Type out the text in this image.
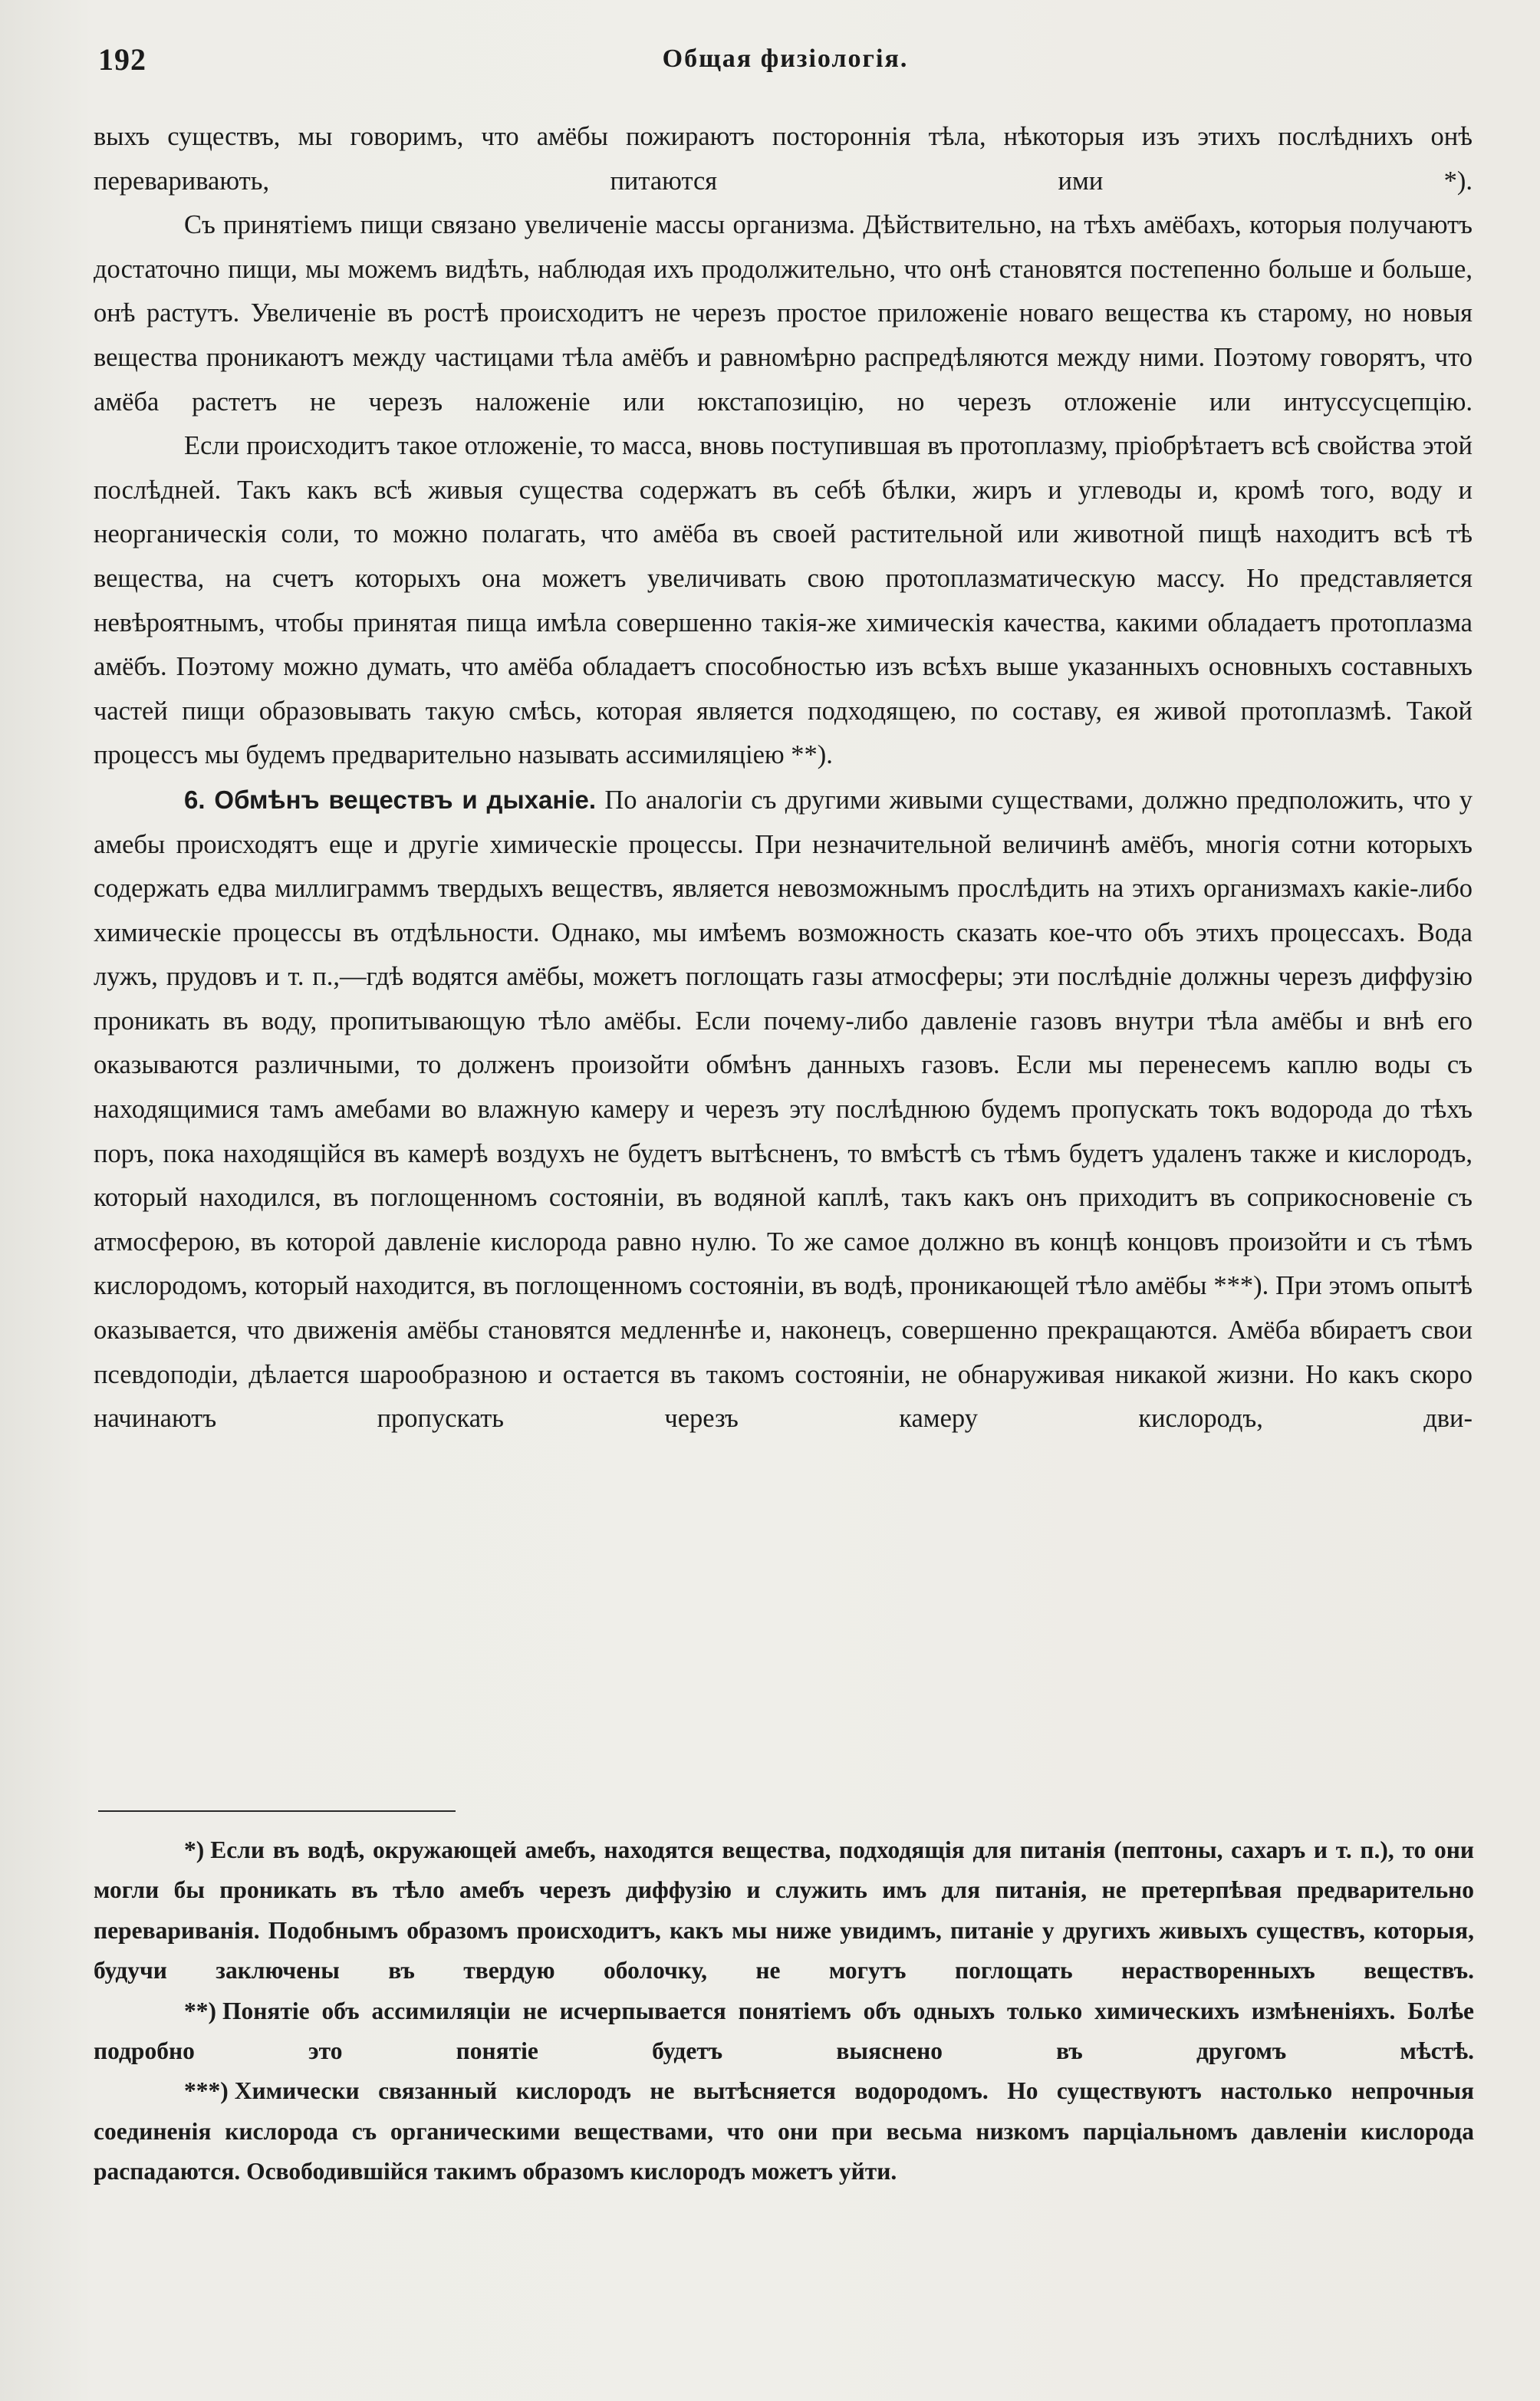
192	Общая физiологiя.

выхъ существъ, мы говоримъ, что амёбы пожираютъ постороннiя тѣла, нѣкоторыя изъ этихъ послѣднихъ онѣ переваривають, питаются ими *).

Съ принятiемъ пищи связано увеличенiе массы организма. Дѣйствительно, на тѣхъ амёбахъ, которыя получаютъ достаточно пищи, мы можемъ видѣть, наблюдая ихъ продолжительно, что онѣ становятся постепенно больше и больше, онѣ растутъ. Увеличенiе въ ростѣ происходитъ не черезъ простое приложенiе новаго вещества къ старому, но новыя вещества проникаютъ между частицами тѣла амёбъ и равномѣрно распредѣляются между ними. Поэтому говорятъ, что амёба растетъ не черезъ наложенiе или юкстапозицiю, но черезъ отложенiе или интуссусцепцiю.

Если происходитъ такое отложенiе, то масса, вновь поступившая въ протоплазму, прiобрѣтаетъ всѣ свойства этой послѣдней. Такъ какъ всѣ живыя существа содержатъ въ себѣ бѣлки, жиръ и углеводы и, кромѣ того, воду и неорганическiя соли, то можно полагать, что амёба въ своей растительной или животной пищѣ находитъ всѣ тѣ вещества, на счетъ которыхъ она можетъ увеличивать свою протоплазматическую массу. Но представляется невѣроятнымъ, чтобы принятая пища имѣла совершенно такiя-же химическiя качества, какими обладаетъ протоплазма амёбъ. Поэтому можно думать, что амёба обладаетъ способностью изъ всѣхъ выше указанныхъ основныхъ составныхъ частей пищи образовывать такую смѣсь, которая является подходящею, по составу, ея живой протоплазмѣ. Такой процессъ мы будемъ предварительно называть ассимиляцiею **).

6. Обмѣнъ веществъ и дыханiе. По аналогiи съ другими живыми существами, должно предположить, что у амебы происходятъ еще и другiе химическiе процессы. При незначительной величинѣ амёбъ, многiя сотни которыхъ содержать едва миллиграммъ твердыхъ веществъ, является невозможнымъ прослѣдить на этихъ организмахъ какiе-либо химическiе процессы въ отдѣльности. Однако, мы имѣемъ возможность сказать кое-что объ этихъ процессахъ. Вода лужъ, прудовъ и т. п.,—гдѣ водятся амёбы, можетъ поглощать газы атмосферы; эти послѣднiе должны черезъ диффузiю проникать въ воду, пропитывающую тѣло амёбы. Если почему-либо давленiе газовъ внутри тѣла амёбы и внѣ его оказываются различными, то долженъ произойти обмѣнъ данныхъ газовъ. Если мы перенесемъ каплю воды съ находящимися тамъ амебами во влажную камеру и черезъ эту послѣднюю будемъ пропускать токъ водорода до тѣхъ поръ, пока находящiйся въ камерѣ воздухъ не будетъ вытѣсненъ, то вмѣстѣ съ тѣмъ будетъ удаленъ также и кислородъ, который находился, въ поглощенномъ состоянiи, въ водяной каплѣ, такъ какъ онъ приходитъ въ соприкосновенiе съ атмосферою, въ которой давленiе кислорода равно нулю. То же самое должно въ концѣ концовъ произойти и съ тѣмъ кислородомъ, который находится, въ поглощенномъ состоянiи, въ водѣ, проникающей тѣло амёбы ***). При этомъ опытѣ оказывается, что движенiя амёбы становятся медленнѣе и, наконецъ, совершенно прекращаются. Амёба вбираетъ свои псевдоподiи, дѣлается шарообразною и остается въ такомъ состоянiи, не обнаруживая никакой жизни. Но какъ скоро начинаютъ пропускать черезъ камеру кислородъ, дви-

*) Если въ водѣ, окружающей амебъ, находятся вещества, подходящiя для питанiя (пептоны, сахаръ и т. п.), то они могли бы проникать въ тѣло амебъ черезъ диффузiю и служить имъ для питанiя, не претерпѣвая предварительно переваривaнiя. Подобнымъ образомъ происходитъ, какъ мы ниже увидимъ, питанiе у другихъ живыхъ существъ, которыя, будучи заключены въ твердую оболочку, не могутъ поглощать нерастворенныхъ веществъ.

**) Понятiе объ ассимиляцiи не исчерпывается понятiемъ объ одныхъ только химическихъ измѣненiяхъ. Болѣе подробно это понятiе будетъ выяснено въ другомъ мѣстѣ.

***) Химически связанный кислородъ не вытѣсняется водородомъ. Но существуютъ настолько непрочныя соединенiя кислорода съ органическими веществами, что они при весьма низкомъ парцiальномъ давленiи кислорода распадаются. Освободившiйся такимъ образомъ кислородъ можетъ уйти.
